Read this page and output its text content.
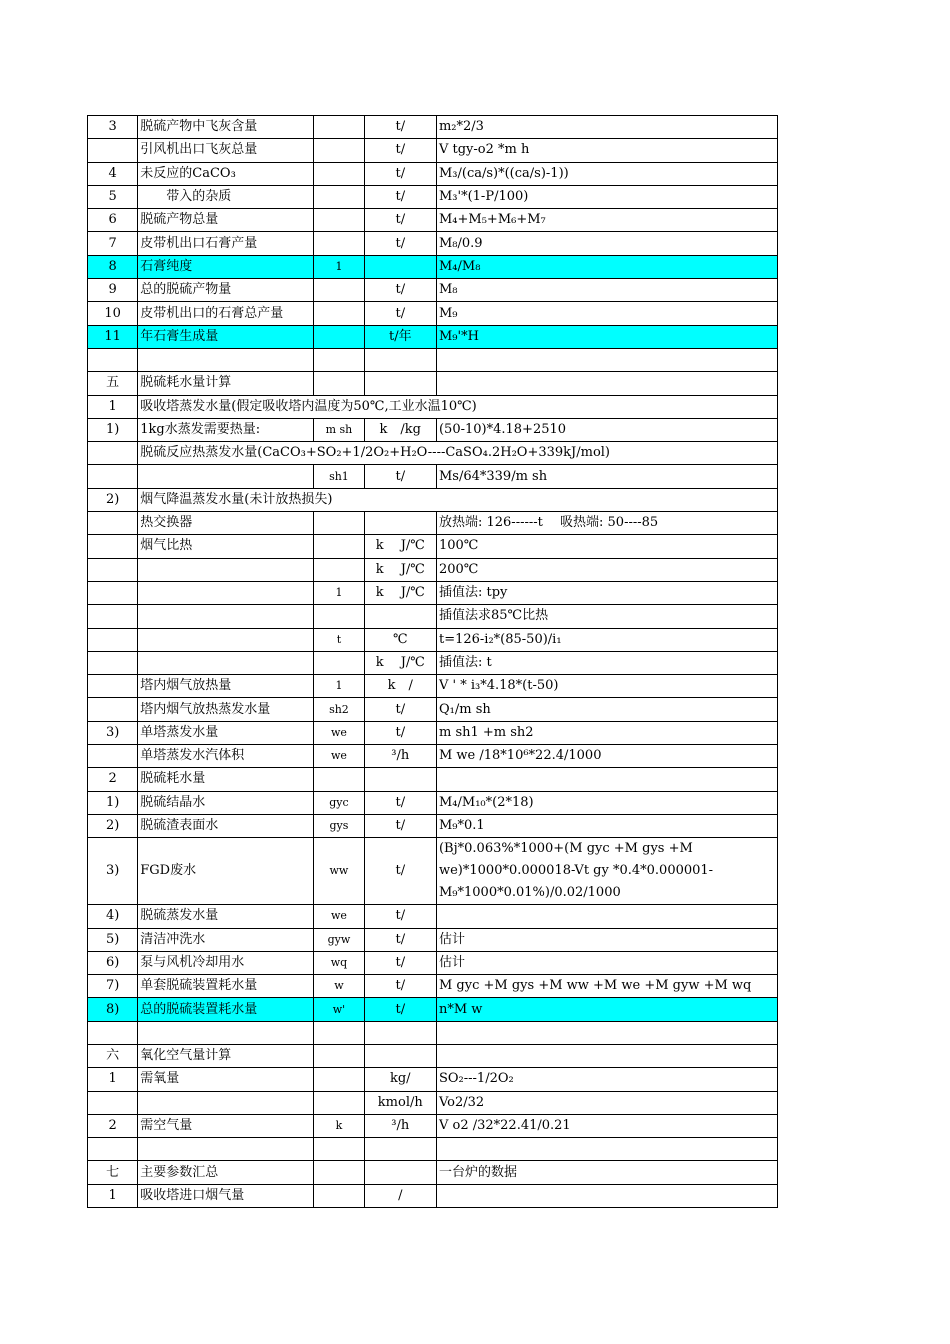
3	脱硫产物中飞灰含量		t/	m₂*2/3
	引风机出口飞灰总量		t/	V tgy-o2 *m h
4	未反应的CaCO₃		t/	M₃/(ca/s)*((ca/s)-1))
5	　　带入的杂质		t/	M₃'*(1-P/100)
6	脱硫产物总量		t/	M₄+M₅+M₆+M₇
7	皮带机出口石膏产量		t/	M₈/0.9
8	石膏纯度	1		M₄/M₈
9	总的脱硫产物量		t/	M₈
10	皮带机出口的石膏总产量		t/	M₉
11	年石膏生成量		t/年	M₉'*H

五	脱硫耗水量计算			
1	吸收塔蒸发水量(假定吸收塔内温度为50℃,工业水温10℃)			
1)	1kg水蒸发需要热量:	m sh	k　/kg	(50-10)*4.18+2510
	脱硫反应热蒸发水量(CaCO₃+SO₂+1/2O₂+H₂O----CaSO₄.2H₂O+339kJ/mol)			
		sh1	t/	Ms/64*339/m sh
2)	烟气降温蒸发水量(未计放热损失)			
	热交换器			放热端: 126------t　 吸热端: 50----85
	烟气比热		k　 J/℃	100℃
			k　 J/℃	200℃
		1	k　 J/℃	插值法: tpy
				插值法求85℃比热
		t	℃	t=126-i₂*(85-50)/i₁
			k　 J/℃	插值法: t
	塔内烟气放热量	1	k　/	V ' * i₃*4.18*(t-50)
	塔内烟气放热蒸发水量	sh2	t/	Q₁/m sh
3)	单塔蒸发水量	we	t/	m sh1 +m sh2
	单塔蒸发水汽体积	we	³/h	M we /18*10⁶*22.4/1000
2	脱硫耗水量			
1)	脱硫结晶水	gyc	t/	M₄/M₁₀*(2*18)
2)	脱硫渣表面水	gys	t/	M₉*0.1
3)	FGD废水	ww	t/	(Bj*0.063%*1000+(M gyc +M gys +M we)*1000*0.000018-Vt gy *0.4*0.000001-M₉*1000*0.01%)/0.02/1000

4)	脱硫蒸发水量	we	t/	
5)	清洁冲洗水	gyw	t/	估计
6)	泵与风机冷却用水	wq	t/	估计
7)	单套脱硫装置耗水量	w	t/	M gyc +M gys +M ww +M we +M gyw +M wq
8)	总的脱硫装置耗水量	w'	t/	n*M w

六	氧化空气量计算			
1	需氧量		kg/	SO₂---1/2O₂
			kmol/h	Vo2/32
2	需空气量	k	³/h	V o2 /32*22.41/0.21

七	主要参数汇总			一台炉的数据
1	吸收塔进口烟气量		/	
